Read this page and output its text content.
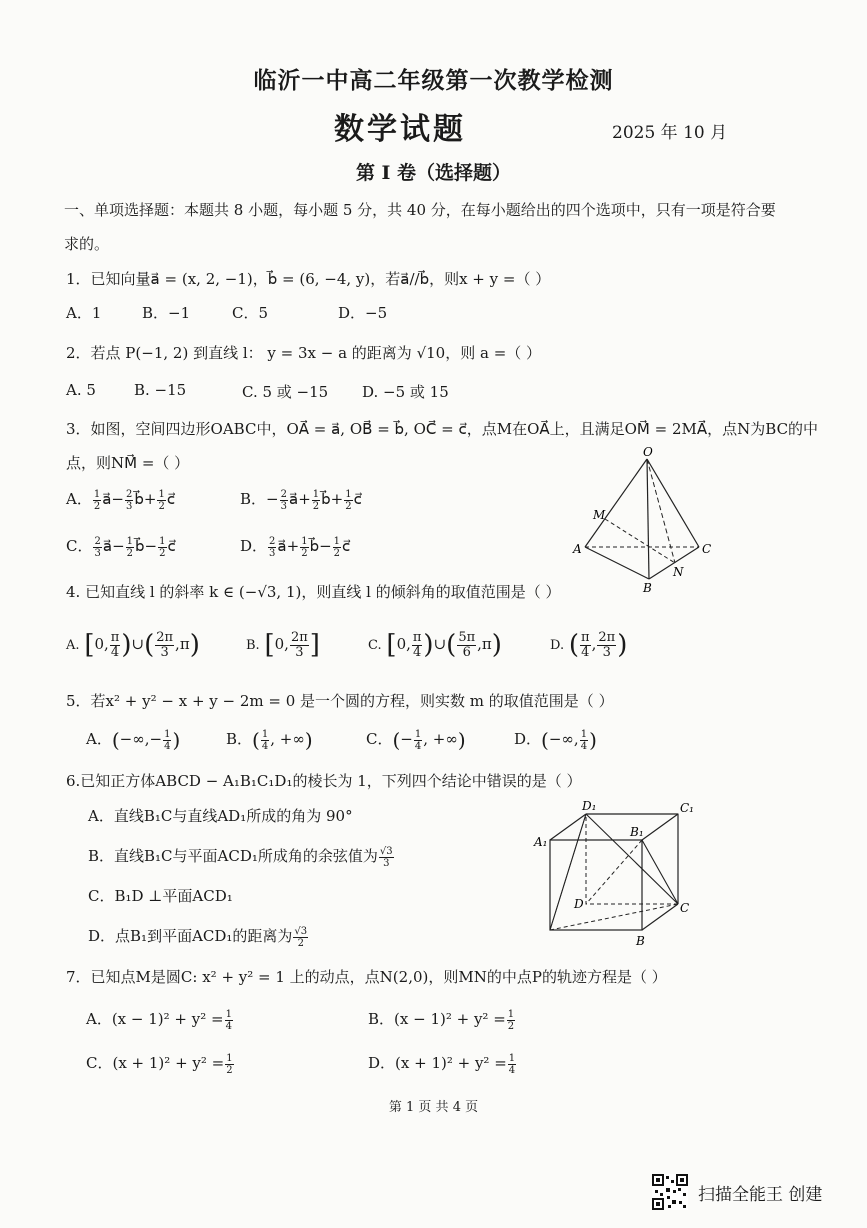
临沂一中高二年级第一次教学检测
数学试题	2025 年 10 月
第 I 卷（选择题）
一、单项选择题：本题共 8 小题，每小题 5 分，共 40 分，在每小题给出的四个选项中，只有一项是符合要
求的。
1．已知向量a⃗ = (x, 2, −1)，b⃗ = (6, −4, y)，若a⃗//b⃗，则x + y =（ ）
A．1	B．−1	C．5	D．−5
2．若点 P(−1, 2) 到直线 l： y = 3x − a 的距离为 √10，则 a =（ ）
A. 5	B. −15	C. 5 或 −15 D. −5 或 15
3．如图，空间四边形OABC中，OA⃗ = a⃗, OB⃗ = b⃗, OC⃗ = c⃗，点M在OA⃗上，且满足OM⃗ = 2MA⃗，点N为BC的中
点，则NM⃗ =（ ）
A． $\frac{1}{2}$ a⃗− $\frac{2}{3}$ b⃗+ $\frac{1}{2}$ c⃗	B．− $\frac{2}{3}$ a⃗+ $\frac{1}{2}$ b⃗+ $\frac{1}{2}$ c⃗
C． $\frac{2}{3}$ a⃗− $\frac{1}{2}$ b⃗− $\frac{1}{2}$ c⃗	D． $\frac{2}{3}$ a⃗+ $\frac{1}{2}$ b⃗− $\frac{1}{2}$ c⃗
O
M
A	C
N
B
4. 已知直线 l 的斜率 k ∈ (−√3, 1)，则直线 l 的倾斜角的取值范围是（ ）
A. [0, $\frac{\pi}{4}$ )∪( $\frac{2\pi}{3} ,\pi$)	B. [0, $\frac{2\pi}{3}$ ]	C. [0, $\frac{\pi}{4}$ )∪( $\frac{5\pi}{6} ,\pi$)	D. ( $\frac{\pi}{4}$ , $\frac{2\pi}{3}$ )
5．若x² + y² − x + y − 2m = 0 是一个圆的方程，则实数 m 的取值范围是（ ）
A．(−∞,− $\frac{1}{4}$ )	B．( $\frac{1}{4}$ , +∞)	C．(− $\frac{1}{4}$ , +∞)	D．(−∞, $\frac{1}{4}$ )
6.已知正方体ABCD − A₁B₁C₁D₁的棱长为 1，下列四个结论中错误的是（ ）
A．直线B₁C与直线AD₁所成的角为 90°
B．直线B₁C与平面ACD₁所成角的余弦值为 $\frac{√3}{3}$
C．B₁D ⊥平面ACD₁
D．点B₁到平面ACD₁的距离为 $\frac{√3}{2}$
D₁	C₁
A₁
B₁
D	C
B
7．已知点M是圆C: x² + y² = 1 上的动点，点N(2,0)，则MN的中点P的轨迹方程是（ ）
A．$(x - 1)^2 + y^2 = \frac{1}{4}$	B．$(x - 1)^2 + y^2 = \frac{1}{2}$
C．$(x + 1)^2 + y^2 = \frac{1}{2}$	D．$(x + 1)^2 + y^2 = \frac{1}{4}$
第 1 页 共 4 页
扫描全能王 创建
